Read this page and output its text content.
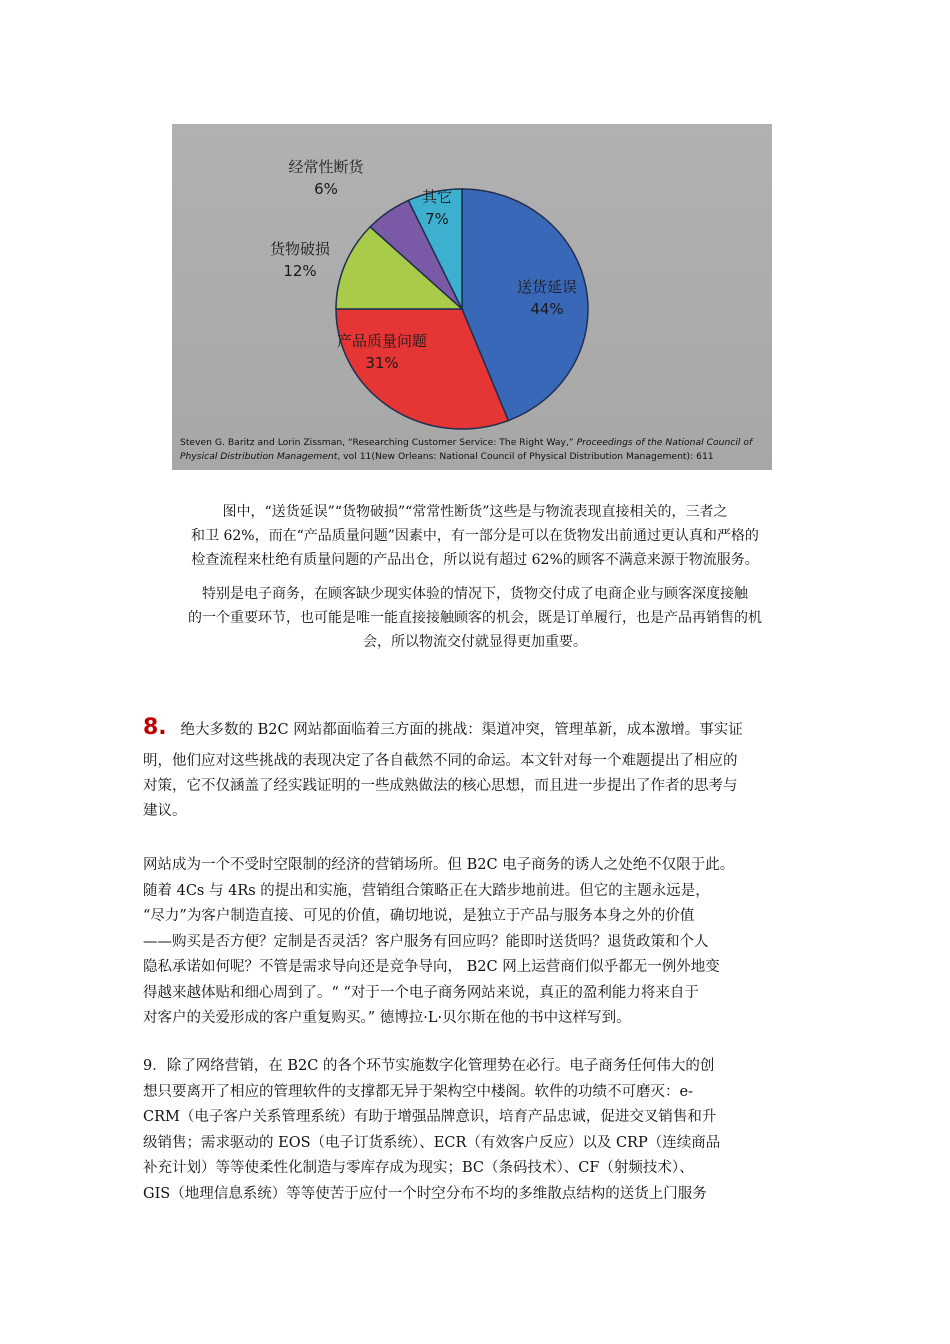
送货延误
44%
产品质量问题
31%
货物破损
12%
经常性断货
6%	其它
7%
Steven G. Baritz and Lorin Zissman, “Researching Customer Service: The Right Way,” Proceedings of the National Council of
Physical Distribution Management, vol 11(New Orleans: National Council of Physical Distribution Management): 611
图中，“送货延误”“货物破损”“常常性断货”这些是与物流表现直接相关的，三者之
和卫 62%，而在“产品质量问题”因素中，有一部分是可以在货物发出前通过更认真和严格的
检查流程来杜绝有质量问题的产品出仓，所以说有超过 62%的顾客不满意来源于物流服务。
特别是电子商务，在顾客缺少现实体验的情况下，货物交付成了电商企业与顾客深度接触
的一个重要环节，也可能是唯一能直接接触顾客的机会，既是订单履行，也是产品再销售的机
会，所以物流交付就显得更加重要。
8. 绝大多数的 B2C 网站都面临着三方面的挑战：渠道冲突，管理革新，成本激增。事实证
明，他们应对这些挑战的表现决定了各自截然不同的命运。本文针对每一个难题提出了相应的
对策，它不仅涵盖了经实践证明的一些成熟做法的核心思想，而且进一步提出了作者的思考与
建议。
网站成为一个不受时空限制的经济的营销场所。但 B2C 电子商务的诱人之处绝不仅限于此。
随着 4Cs 与 4Rs 的提出和实施，营销组合策略正在大踏步地前进。但它的主题永远是，
“尽力”为客户制造直接、可见的价值，确切地说，是独立于产品与服务本身之外的价值
——购买是否方便？定制是否灵活？客户服务有回应吗？能即时送货吗？退货政策和个人
隐私承诺如何呢？不管是需求导向还是竞争导向， B2C 网上运营商们似乎都无一例外地变
得越来越体贴和细心周到了。“ “对于一个电子商务网站来说，真正的盈利能力将来自于
对客户的关爱形成的客户重复购买。” 德博拉·L·贝尔斯在他的书中这样写到。
9．除了网络营销，在 B2C 的各个环节实施数字化管理势在必行。电子商务任何伟大的创
想只要离开了相应的管理软件的支撑都无异于架构空中楼阁。软件的功绩不可磨灭：e-
CRM（电子客户关系管理系统）有助于增强品牌意识，培育产品忠诚，促进交叉销售和升
级销售；需求驱动的 EOS（电子订货系统）、ECR（有效客户反应）以及 CRP（连续商品
补充计划）等等使柔性化制造与零库存成为现实；BC（条码技术）、CF（射频技术）、
GIS（地理信息系统）等等使苦于应付一个时空分布不均的多维散点结构的送货上门服务
